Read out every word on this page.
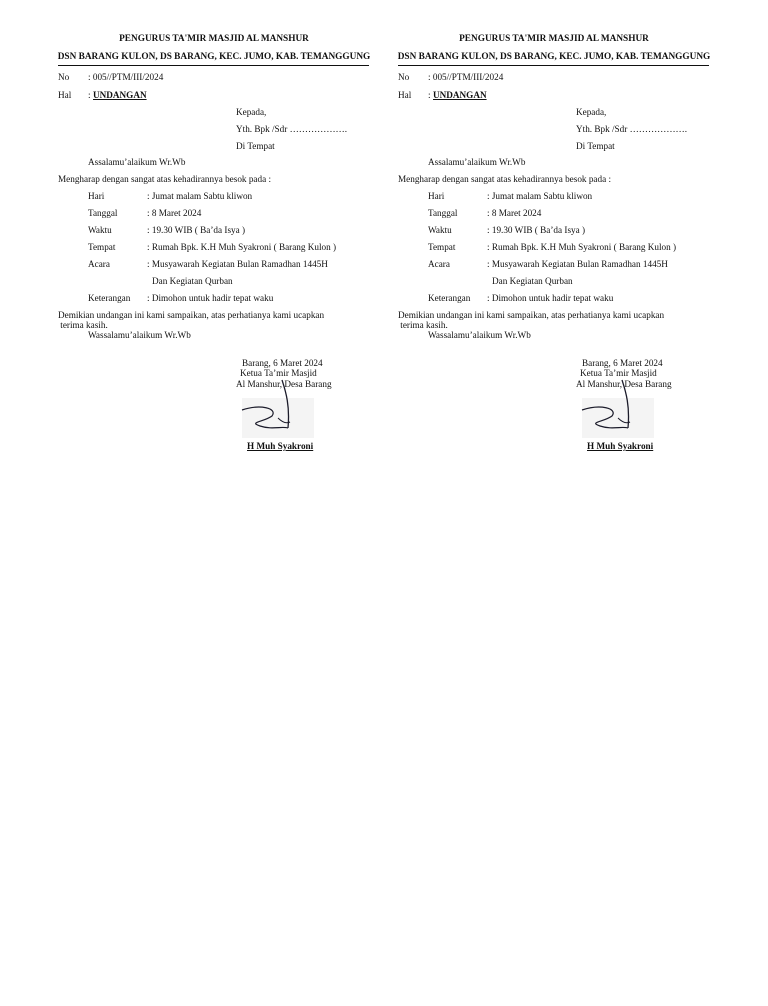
PENGURUS TA'MIR MASJID AL MANSHUR
DSN BARANG KULON, DS BARANG, KEC. JUMO, KAB. TEMANGGUNG
No : 005//PTM/III/2024
Hal : UNDANGAN
Kepada,
Yth. Bpk /Sdr ……………….
Di Tempat
Assalamu’alaikum Wr.Wb
Mengharap dengan sangat atas kehadirannya besok pada :
Hari	: Jumat malam Sabtu kliwon
Tanggal	: 8 Maret 2024
Waktu	: 19.30 WIB ( Ba’da Isya )
Tempat	: Rumah Bpk. K.H Muh Syakroni ( Barang Kulon )
Acara	: Musyawarah Kegiatan Bulan Ramadhan 1445H
Dan Kegiatan Qurban
Keterangan : Dimohon untuk hadir tepat waku
Demikian undangan ini kami sampaikan, atas perhatianya kami ucapkan
terima kasih.
Wassalamu’alaikum Wr.Wb
Barang, 6 Maret 2024
Ketua Ta’mir Masjid
Al Manshur, Desa Barang
H Muh Syakroni
PENGURUS TA'MIR MASJID AL MANSHUR
DSN BARANG KULON, DS BARANG, KEC. JUMO, KAB. TEMANGGUNG
No : 005//PTM/III/2024
Hal : UNDANGAN
Kepada,
Yth. Bpk /Sdr ……………….
Di Tempat
Assalamu’alaikum Wr.Wb
Mengharap dengan sangat atas kehadirannya besok pada :
Hari	: Jumat malam Sabtu kliwon
Tanggal	: 8 Maret 2024
Waktu	: 19.30 WIB ( Ba’da Isya )
Tempat	: Rumah Bpk. K.H Muh Syakroni ( Barang Kulon )
Acara	: Musyawarah Kegiatan Bulan Ramadhan 1445H
Dan Kegiatan Qurban
Keterangan : Dimohon untuk hadir tepat waku
Demikian undangan ini kami sampaikan, atas perhatianya kami ucapkan
terima kasih.
Wassalamu’alaikum Wr.Wb
Barang, 6 Maret 2024
Ketua Ta’mir Masjid
Al Manshur, Desa Barang
H Muh Syakroni
